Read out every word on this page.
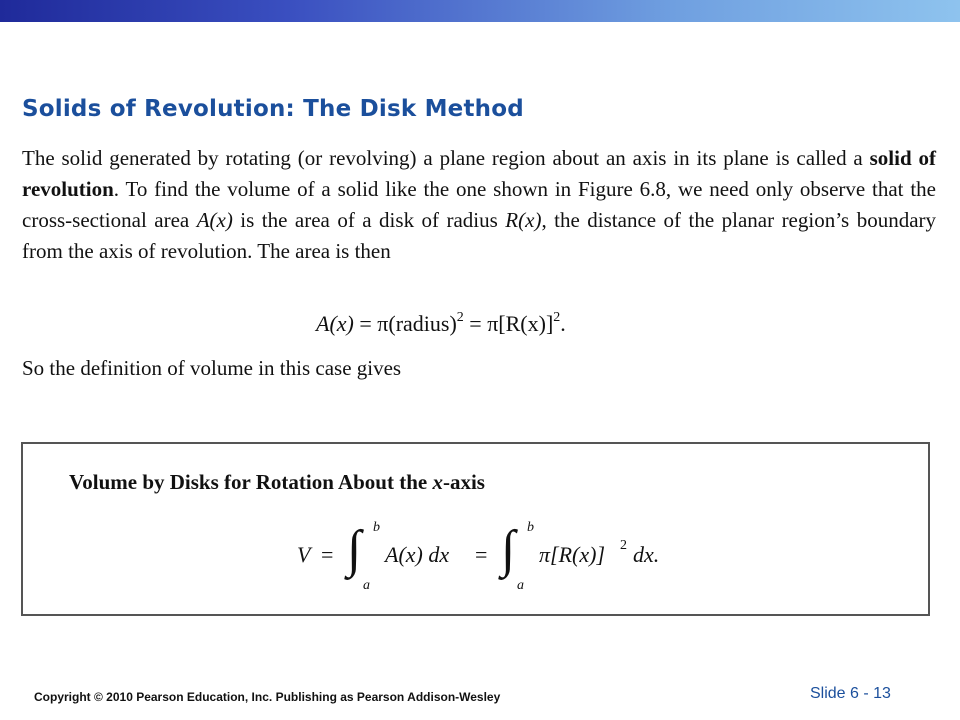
Solids of Revolution: The Disk Method

The solid generated by rotating (or revolving) a plane region about an axis in its plane is called a solid of revolution. To find the volume of a solid like the one shown in Figure 6.8, we need only observe that the cross-sectional area A(x) is the area of a disk of radius R(x), the distance of the planar region’s boundary from the axis of revolution. The area is then

A(x) = π(radius)$^2$ = $\pi[R(x)]^2$.

So the definition of volume in this case gives

Volume by Disks for Rotation About the x-axis

V = ∫ b
a
A(x) dx = ∫ b
a
π[R(x)] 2 dx.

Copyright © 2010 Pearson Education, Inc. Publishing as Pearson Addison-Wesley	Slide 6 - 13
